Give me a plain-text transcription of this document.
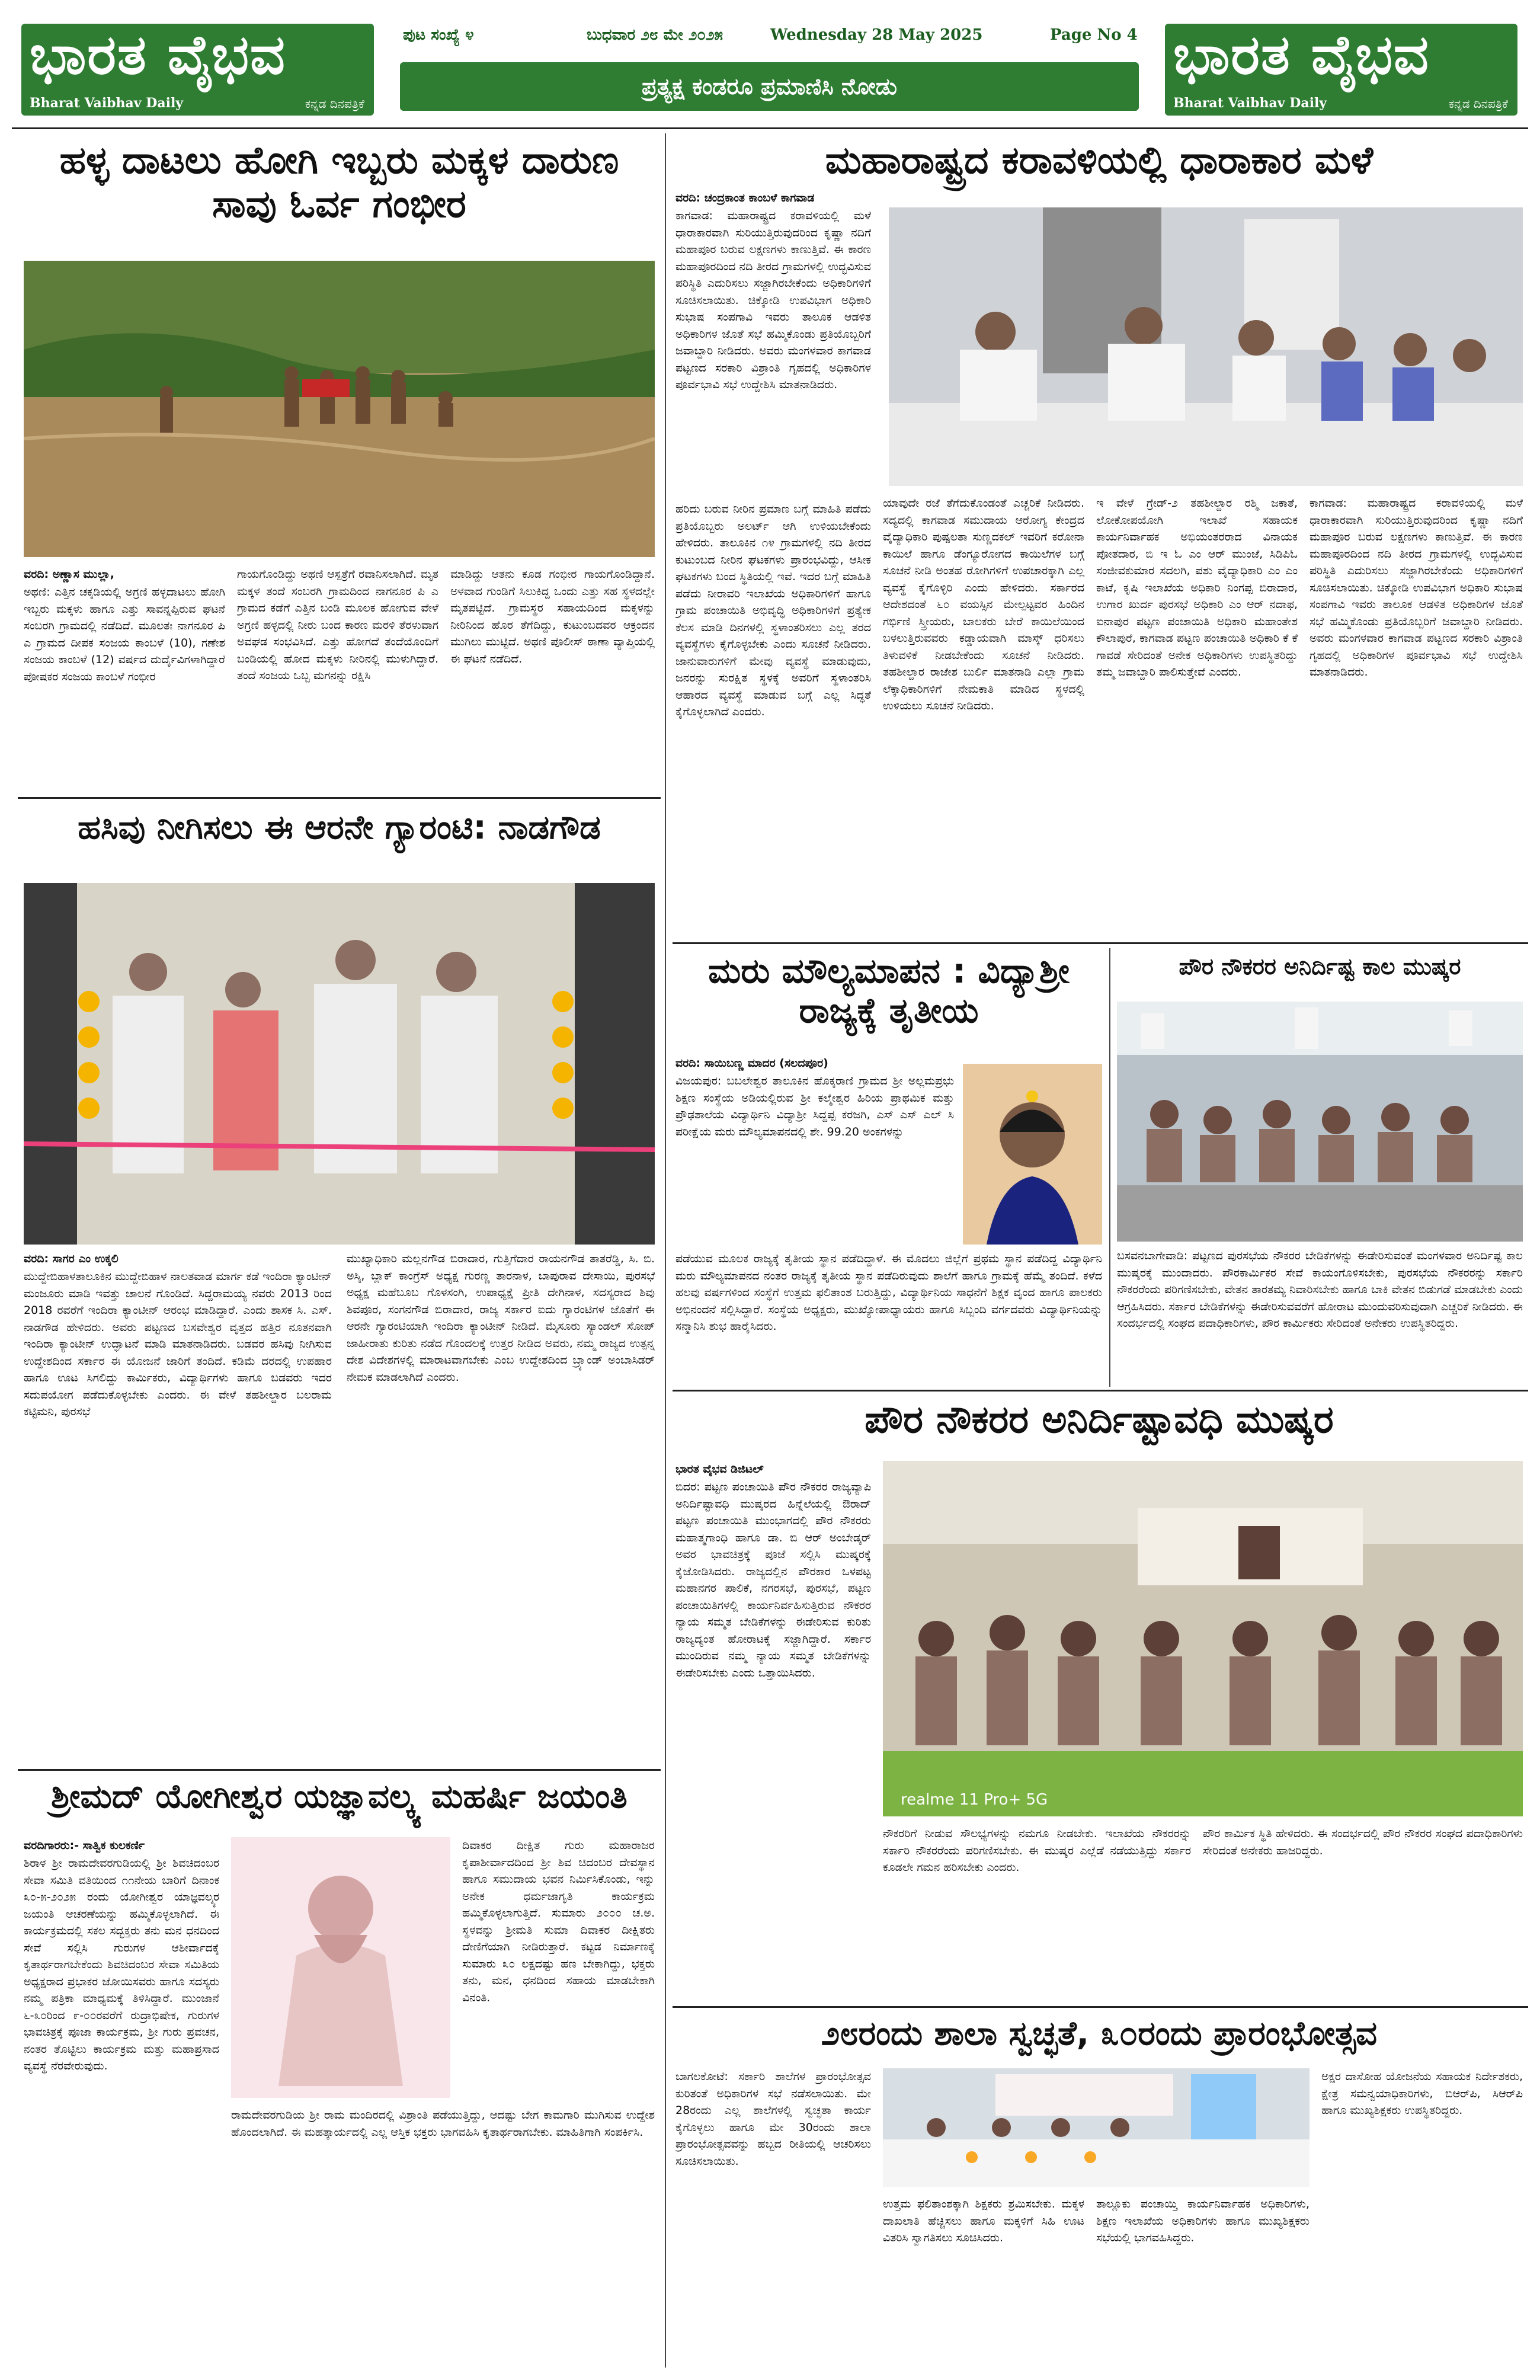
ಭಾರತ ವೈಭವ
Bharat Vaibhav Daily	ಕನ್ನಡ ದಿನಪತ್ರಿಕೆ
ಭಾರತ ವೈಭವ
Bharat Vaibhav Daily	ಕನ್ನಡ ದಿನಪತ್ರಿಕೆ
ಪುಟ ಸಂಖ್ಯೆ ೪	ಬುಧವಾರ ೨೮ ಮೇ ೨೦೨೫	Wednesday 28 May 2025	Page No 4
ಪ್ರತ್ಯಕ್ಷ ಕಂಡರೂ ಪ್ರಮಾಣಿಸಿ ನೋಡು
ಹಳ್ಳ ದಾಟಲು ಹೋಗಿ ಇಬ್ಬರು ಮಕ್ಕಳ ದಾರುಣ ಸಾವು ಓರ್ವ ಗಂಭೀರ
ವರದಿ: ಅಣ್ಣಾಸ ಮುಲ್ಲಾ,
ಅಥಣಿ: ಎತ್ತಿನ ಚಕ್ಕಡಿಯಲ್ಲಿ ಅಗ್ರಣಿ ಹಳ್ಳದಾಟಲು ಹೋಗಿ ಇಬ್ಬರು ಮಕ್ಕಳು ಹಾಗೂ ಎತ್ತು ಸಾವನ್ನಪ್ಪಿರುವ ಘಟನೆ ಸಂಬರಗಿ ಗ್ರಾಮದಲ್ಲಿ ನಡೆದಿದೆ. ಮೂಲತಃ ನಾಗನೂರ ಪಿ ಎ ಗ್ರಾಮದ ದೀಪಕ ಸಂಜಯ ಕಾಂಬಳೆ (10), ಗಣೇಶ ಸಂಜಯ ಕಾಂಬಳೆ (12) ವರ್ಷದ ದುರ್ದೈವಿಗಳಾಗಿದ್ದಾರೆ ಪೋಷಕರ ಸಂಜಯ ಕಾಂಬಳೆ ಗಂಭೀರ
ಗಾಯಗೊಂಡಿದ್ದು ಅಥಣಿ ಆಸ್ಪತ್ರೆಗೆ ರವಾನಿಸಲಾಗಿದೆ. ಮೃತ ಮಕ್ಕಳ ತಂದೆ ಸಂಬರಗಿ ಗ್ರಾಮದಿಂದ ನಾಗನೂರ ಪಿ ಎ ಗ್ರಾಮದ ಕಡೆಗೆ ಎತ್ತಿನ ಬಂಡಿ ಮೂಲಕ ಹೋಗುವ ವೇಳೆ ಅಗ್ರಣಿ ಹಳ್ಳದಲ್ಲಿ ನೀರು ಬಂದ ಕಾರಣ ಮರಳಿ ತೆರಳುವಾಗ ಅವಘಡ ಸಂಭವಿಸಿದೆ. ಎತ್ತು ಹೋಗದೆ ತಂದೆಯೊಂದಿಗೆ ಬಂಡಿಯಲ್ಲಿ ಹೋದ ಮಕ್ಕಳು ನೀರಿನಲ್ಲಿ ಮುಳುಗಿದ್ದಾರೆ. ತಂದೆ ಸಂಜಯ ಒಬ್ಬ ಮಗನನ್ನು ರಕ್ಷಿಸಿ
ಮಾಡಿದ್ದು ಆತನು ಕೂಡ ಗಂಭೀರ ಗಾಯಗೊಂಡಿದ್ದಾನೆ. ಅಳವಾದ ಗುಂಡಿಗೆ ಸಿಲುಕಿದ್ದ ಒಂದು ಎತ್ತು ಸಹ ಸ್ಥಳದಲ್ಲೇ ಮೃತಪಟ್ಟಿದೆ. ಗ್ರಾಮಸ್ಥರ ಸಹಾಯದಿಂದ ಮಕ್ಕಳನ್ನು ನೀರಿನಿಂದ ಹೊರ ತೆಗೆದಿದ್ದು, ಕುಟುಂಬದವರ ಆಕ್ರಂದನ ಮುಗಿಲು ಮುಟ್ಟಿದೆ. ಅಥಣಿ ಪೊಲೀಸ್ ಠಾಣಾ ವ್ಯಾಪ್ತಿಯಲ್ಲಿ ಈ ಘಟನೆ ನಡೆದಿದೆ.
ಹಸಿವು ನೀಗಿಸಲು ಈ ಆರನೇ ಗ್ಯಾರಂಟಿ: ನಾಡಗೌಡ
ವರದಿ: ಸಾಗರ ಎಂ ಉಕ್ಕಲಿ
ಮುದ್ದೇಬಿಹಾಳತಾಲೂಕಿನ ಮುದ್ದೇಬಿಹಾಳ ನಾಲತವಾಡ ಮಾರ್ಗ ಕಡೆ ಇಂದಿರಾ ಕ್ಯಾಂಟೀನ್ ಮಂಜೂರು ಮಾಡಿ ಇವತ್ತು ಚಾಲನೆ ಗೊಂಡಿದೆ. ಸಿದ್ದರಾಮಯ್ಯ ನವರು 2013 ರಿಂದ 2018 ರವರೆಗೆ ಇಂದಿರಾ ಕ್ಯಾಂಟೀನ್ ಆರಂಭ ಮಾಡಿದ್ದಾರೆ. ಎಂದು ಶಾಸಕ ಸಿ. ಎಸ್. ನಾಡಗೌಡ ಹೇಳಿದರು. ಅವರು ಪಟ್ಟಣದ ಬಸವೇಶ್ವರ ವೃತ್ತದ ಹತ್ತಿರ ನೂತನವಾಗಿ ಇಂದಿರಾ ಕ್ಯಾಂಟೀನ್ ಉದ್ಘಾಟನೆ ಮಾಡಿ ಮಾತನಾಡಿದರು. ಬಡವರ ಹಸಿವು ನೀಗಿಸುವ ಉದ್ದೇಶದಿಂದ ಸರ್ಕಾರ ಈ ಯೋಜನೆ ಜಾರಿಗೆ ತಂದಿದೆ. ಕಡಿಮೆ ದರದಲ್ಲಿ ಉಪಹಾರ ಹಾಗೂ ಊಟ ಸಿಗಲಿದ್ದು ಕಾರ್ಮಿಕರು, ವಿದ್ಯಾರ್ಥಿಗಳು ಹಾಗೂ ಬಡವರು ಇದರ ಸದುಪಯೋಗ ಪಡೆದುಕೊಳ್ಳಬೇಕು ಎಂದರು. ಈ ವೇಳೆ ತಹಶೀಲ್ದಾರ ಬಲರಾಮ ಕಟ್ಟಿಮನಿ, ಪುರಸಭೆ
ಮುಖ್ಯಾಧಿಕಾರಿ ಮಲ್ಲನಗೌಡ ಬಿರಾದಾರ, ಗುತ್ತಿಗೆದಾರ ರಾಯನಗೌಡ ತಾತರೆಡ್ಡಿ, ಸಿ. ಬಿ. ಅಸ್ಕಿ, ಬ್ಲಾಕ್ ಕಾಂಗ್ರೆಸ್ ಅಧ್ಯಕ್ಷ ಗುರಣ್ಣ ತಾರನಾಳ, ಬಾಪುರಾವ ದೇಸಾಯಿ, ಪುರಸಭೆ ಅಧ್ಯಕ್ಷ ಮಹೆಬೂಬ ಗೊಳಸಂಗಿ, ಉಪಾಧ್ಯಕ್ಷೆ ಪ್ರೀತಿ ದೇಗಿನಾಳ, ಸದಸ್ಯರಾದ ಶಿವು ಶಿವಪೂರ, ಸಂಗನಗೌಡ ಬಿರಾದಾರ, ರಾಜ್ಯ ಸರ್ಕಾರ ಐದು ಗ್ಯಾರಂಟಿಗಳ ಜೊತೆಗೆ ಈ ಆರನೇ ಗ್ಯಾರಂಟಿಯಾಗಿ ಇಂದಿರಾ ಕ್ಯಾಂಟೀನ್ ನೀಡಿದೆ. ಮೈಸೂರು ಸ್ಯಾಂಡಲ್ ಸೋಪ್ ಜಾಹೀರಾತು ಕುರಿತು ನಡೆದ ಗೊಂದಲಕ್ಕೆ ಉತ್ತರ ನೀಡಿದ ಅವರು, ನಮ್ಮ ರಾಜ್ಯದ ಉತ್ಪನ್ನ ದೇಶ ವಿದೇಶಗಳಲ್ಲಿ ಮಾರಾಟವಾಗಬೇಕು ಎಂಬ ಉದ್ದೇಶದಿಂದ ಬ್ರ್ಯಾಂಡ್ ಅಂಬಾಸಿಡರ್ ನೇಮಕ ಮಾಡಲಾಗಿದೆ ಎಂದರು.
ಶ್ರೀಮದ್ ಯೋಗೀಶ್ವರ ಯಜ್ಞಾವಲ್ಕ್ಯ ಮಹರ್ಷಿ ಜಯಂತಿ
ವರದಿಗಾರರು:- ಸಾತ್ವಿಕ ಕುಲಕರ್ಣಿ
ಶಿರಾಳ ಶ್ರೀ ರಾಮದೇವರಗುಡಿಯಲ್ಲಿ ಶ್ರೀ ಶಿವಚಿದಂಬರ ಸೇವಾ ಸಮಿತಿ ವತಿಯಿಂದ ೧೧ನೇಯ ಬಾರಿಗೆ ದಿನಾಂಕ ೩೦-೫-೨೦೨೫ ರಂದು ಯೋಗೀಶ್ವರ ಯಾಜ್ಞವಲ್ಕ್ಯರ ಜಯಂತಿ ಆಚರಣೆಯನ್ನು ಹಮ್ಮಿಕೊಳ್ಳಲಾಗಿದೆ. ಈ ಕಾರ್ಯಕ್ರಮದಲ್ಲಿ ಸಕಲ ಸದ್ಭಕ್ತರು ತನು ಮನ ಧನದಿಂದ ಸೇವೆ ಸಲ್ಲಿಸಿ ಗುರುಗಳ ಆಶೀರ್ವಾದಕ್ಕೆ ಕೃತಾರ್ಥರಾಗಬೇಕೆಂದು ಶಿವಚಿದಂಬರ ಸೇವಾ ಸಮಿತಿಯ ಅಧ್ಯಕ್ಷರಾದ ಪ್ರಭಾಕರ ಜೋಯಿಸವರು ಹಾಗೂ ಸದಸ್ಯರು ನಮ್ಮ ಪತ್ರಿಕಾ ಮಾಧ್ಯಮಕ್ಕೆ ತಿಳಿಸಿದ್ದಾರೆ. ಮುಂಜಾನೆ ೬-೩೦ರಿಂದ ೯-೦೦ರವರೆಗೆ ರುದ್ರಾಭಿಷೇಕ, ಗುರುಗಳ ಭಾವಚಿತ್ರಕ್ಕೆ ಪೂಜಾ ಕಾರ್ಯಕ್ರಮ, ಶ್ರೀ ಗುರು ಪ್ರವಚನ, ನಂತರ ತೊಟ್ಟಿಲು ಕಾರ್ಯಕ್ರಮ ಮತ್ತು ಮಹಾಪ್ರಸಾದ ವ್ಯವಸ್ಥೆ ನೆರವೇರುವುದು.
ದಿವಾಕರ ದೀಕ್ಷಿತ ಗುರು ಮಹಾರಾಜರ ಕೃಪಾಶೀರ್ವಾದದಿಂದ ಶ್ರೀ ಶಿವ ಚಿದಂಬರ ದೇವಸ್ಥಾನ ಹಾಗೂ ಸಮುದಾಯ ಭವನ ನಿರ್ಮಿಸಿಕೊಂಡು, ಇನ್ನು ಅನೇಕ ಧರ್ಮಜಾಗೃತಿ ಕಾರ್ಯಕ್ರಮ ಹಮ್ಮಿಕೊಳ್ಳಲಾಗುತ್ತಿದೆ. ಸುಮಾರು ೨೦೦೦ ಚ.ಅ. ಸ್ಥಳವನ್ನು ಶ್ರೀಮತಿ ಸುಮಾ ದಿವಾಕರ ದೀಕ್ಷಿತರು ದೇಣಿಗೆಯಾಗಿ ನೀಡಿರುತ್ತಾರೆ. ಕಟ್ಟಡ ನಿರ್ಮಾಣಕ್ಕೆ ಸುಮಾರು ೩೦ ಲಕ್ಷದಷ್ಟು ಹಣ ಬೇಕಾಗಿದ್ದು, ಭಕ್ತರು ತನು, ಮನ, ಧನದಿಂದ ಸಹಾಯ ಮಾಡಬೇಕಾಗಿ ವಿನಂತಿ.
ರಾಮದೇವರಗುಡಿಯ ಶ್ರೀ ರಾಮ ಮಂದಿರದಲ್ಲಿ ವಿಶ್ರಾಂತಿ ಪಡೆಯುತ್ತಿದ್ದು, ಆದಷ್ಟು ಬೇಗ ಕಾಮಗಾರಿ ಮುಗಿಸುವ ಉದ್ದೇಶ ಹೊಂದಲಾಗಿದೆ. ಈ ಮಹತ್ಕಾರ್ಯದಲ್ಲಿ ಎಲ್ಲ ಆಸ್ತಿಕ ಭಕ್ತರು ಭಾಗವಹಿಸಿ ಕೃತಾರ್ಥರಾಗಬೇಕು. ಮಾಹಿತಿಗಾಗಿ ಸಂಪರ್ಕಿಸಿ.
ಮಹಾರಾಷ್ಟ್ರದ ಕರಾವಳಿಯಲ್ಲಿ ಧಾರಾಕಾರ ಮಳೆ
ವರದಿ: ಚಂದ್ರಕಾಂತ ಕಾಂಬಳೆ ಕಾಗವಾಡ
ಕಾಗವಾಡ: ಮಹಾರಾಷ್ಟ್ರದ ಕರಾವಳಿಯಲ್ಲಿ ಮಳೆ ಧಾರಾಕಾರವಾಗಿ ಸುರಿಯುತ್ತಿರುವುದರಿಂದ ಕೃಷ್ಣಾ ನದಿಗೆ ಮಹಾಪೂರ ಬರುವ ಲಕ್ಷಣಗಳು ಕಾಣುತ್ತಿವೆ. ಈ ಕಾರಣ ಮಹಾಪೂರದಿಂದ ನದಿ ತೀರದ ಗ್ರಾಮಗಳಲ್ಲಿ ಉದ್ಭವಿಸುವ ಪರಿಸ್ಥಿತಿ ಎದುರಿಸಲು ಸಜ್ಜಾಗಿರಬೇಕೆಂದು ಅಧಿಕಾರಿಗಳಿಗೆ ಸೂಚಿಸಲಾಯಿತು. ಚಿಕ್ಕೋಡಿ ಉಪವಿಭಾಗ ಅಧಿಕಾರಿ ಸುಭಾಷ ಸಂಪಗಾವಿ ಇವರು ತಾಲೂಕ ಆಡಳಿತ ಅಧಿಕಾರಿಗಳ ಜೊತೆ ಸಭೆ ಹಮ್ಮಿಕೊಂಡು ಪ್ರತಿಯೊಬ್ಬರಿಗೆ ಜವಾಬ್ದಾರಿ ನೀಡಿದರು. ಅವರು ಮಂಗಳವಾರ ಕಾಗವಾಡ ಪಟ್ಟಣದ ಸರಕಾರಿ ವಿಶ್ರಾಂತಿ ಗೃಹದಲ್ಲಿ ಅಧಿಕಾರಿಗಳ ಪೂರ್ವಭಾವಿ ಸಭೆ ಉದ್ದೇಶಿಸಿ ಮಾತನಾಡಿದರು.
ಹರಿದು ಬರುವ ನೀರಿನ ಪ್ರಮಾಣ ಬಗ್ಗೆ ಮಾಹಿತಿ ಪಡೆದು ಪ್ರತಿಯೊಬ್ಬರು ಅಲರ್ಟ್ ಆಗಿ ಉಳಿಯಬೇಕೆಂದು ಹೇಳಿದರು. ತಾಲೂಕಿನ ೧೪ ಗ್ರಾಮಗಳಲ್ಲಿ ನದಿ ತೀರದ ಕುಟುಂಬದ ನೀರಿನ ಘಟಕಗಳು ಪ್ರಾರಂಭವಿದ್ದು, ಆಸೀಕ ಘಟಕಗಳು ಬಂದ ಸ್ಥಿತಿಯಲ್ಲಿ ಇವೆ. ಇದರ ಬಗ್ಗೆ ಮಾಹಿತಿ ಪಡೆದು ನೀರಾವರಿ ಇಲಾಖೆಯ ಅಧಿಕಾರಿಗಳಿಗೆ ಹಾಗೂ ಗ್ರಾಮ ಪಂಚಾಯಿತಿ ಅಭಿವೃದ್ಧಿ ಅಧಿಕಾರಿಗಳಿಗೆ ಪ್ರತ್ಯೇಕ ಕೆಲಸ ಮಾಡಿ ದಿನಗಳಲ್ಲಿ ಸ್ಥಳಾಂತರಿಸಲು ಎಲ್ಲ ತರದ ವ್ಯವಸ್ಥೆಗಳು ಕೈಗೊಳ್ಳಬೇಕು ಎಂದು ಸೂಚನೆ ನೀಡಿದರು. ಜಾನುವಾರುಗಳಿಗೆ ಮೇವು ವ್ಯವಸ್ಥೆ ಮಾಡುವುದು, ಜನರನ್ನು ಸುರಕ್ಷಿತ ಸ್ಥಳಕ್ಕೆ ಅವರಿಗೆ ಸ್ಥಳಾಂತರಿಸಿ ಆಹಾರದ ವ್ಯವಸ್ಥೆ ಮಾಡುವ ಬಗ್ಗೆ ಎಲ್ಲ ಸಿದ್ಧತೆ ಕೈಗೊಳ್ಳಲಾಗಿದೆ ಎಂದರು.
ಯಾವುದೇ ರಜೆ ತೆಗೆದುಕೊಂಡಂತೆ ಎಚ್ಚರಿಕೆ ನೀಡಿದರು. ಸದ್ಯದಲ್ಲಿ ಕಾಗವಾಡ ಸಮುದಾಯ ಆರೋಗ್ಯ ಕೇಂದ್ರದ ವೈದ್ಯಾಧಿಕಾರಿ ಪುಷ್ಪಲತಾ ಸುಣ್ಣದಕಲ್ ಇವರಿಗೆ ಕರೋನಾ ಕಾಯಿಲೆ ಹಾಗೂ ಡೆಂಗ್ಯೂರೋಗದ ಕಾಯಿಲೆಗಳ ಬಗ್ಗೆ ಸೂಚನೆ ನೀಡಿ ಅಂತಹ ರೋಗಿಗಳಿಗೆ ಉಪಚಾರಕ್ಕಾಗಿ ಎಲ್ಲ ವ್ಯವಸ್ಥೆ ಕೈಗೊಳ್ಳಿರಿ ಎಂದು ಹೇಳಿದರು. ಸರ್ಕಾರದ ಆದೇಶದಂತೆ ೬೦ ವಯಸ್ಸಿನ ಮೇಲ್ಪಟ್ಟವರ ಹಿಂದಿನ ಗರ್ಭಿಣಿ ಸ್ತ್ರೀಯರು, ಬಾಲಕರು ಬೇರೆ ಕಾಯಿಲೆಯಿಂದ ಬಳಲುತ್ತಿರುವವರು ಕಡ್ಡಾಯವಾಗಿ ಮಾಸ್ಕ್ ಧರಿಸಲು ತಿಳುವಳಿಕೆ ನೀಡಬೇಕೆಂದು ಸೂಚನೆ ನೀಡಿದರು. ತಹಶೀಲ್ದಾರ ರಾಜೇಶ ಬುರ್ಲಿ ಮಾತನಾಡಿ ಎಲ್ಲಾ ಗ್ರಾಮ ಲೆಕ್ಕಾಧಿಕಾರಿಗಳಿಗೆ ನೇಮಕಾತಿ ಮಾಡಿದ ಸ್ಥಳದಲ್ಲಿ ಉಳಿಯಲು ಸೂಚನೆ ನೀಡಿದರು.
ಇ ವೇಳೆ ಗ್ರೇಡ್-೨ ತಹಶೀಲ್ದಾರ ರಶ್ಮಿ ಜಕಾತೆ, ಲೋಕೋಪಯೋಗಿ ಇಲಾಖೆ ಸಹಾಯಕ ಕಾರ್ಯನಿರ್ವಾಹಕ ಅಭಿಯಂತರರಾದ ವಿನಾಯಕ ಪೋತದಾರ, ಬಿ ಇ ಓ ಎಂ ಆರ್ ಮುಂಜೆ, ಸಿಡಿಪಿಓ ಸಂಜೀವಕುಮಾರ ಸದಲಗಿ, ಪಶು ವೈದ್ಯಾಧಿಕಾರಿ ಎಂ ಎಂ ಕಾಟೆ, ಕೃಷಿ ಇಲಾಖೆಯ ಅಧಿಕಾರಿ ನಿಂಗಪ್ಪ ಬಿರಾದಾರ, ಉಗಾರ ಖುರ್ದ ಪುರಸಭೆ ಅಧಿಕಾರಿ ಎಂ ಆರ್ ನದಾಫ, ಐನಾಪುರ ಪಟ್ಟಣ ಪಂಚಾಯಿತಿ ಅಧಿಕಾರಿ ಮಹಾಂತೇಶ ಕೌಲಾಪುರೆ, ಕಾಗವಾಡ ಪಟ್ಟಣ ಪಂಚಾಯಿತಿ ಅಧಿಕಾರಿ ಕೆ ಕೆ ಗಾವಡೆ ಸೇರಿದಂತೆ ಅನೇಕ ಅಧಿಕಾರಿಗಳು ಉಪಸ್ಥಿತರಿದ್ದು ತಮ್ಮ ಜವಾಬ್ದಾರಿ ಪಾಲಿಸುತ್ತೇವೆ ಎಂದರು.
ಕಾಗವಾಡ: ಮಹಾರಾಷ್ಟ್ರದ ಕರಾವಳಿಯಲ್ಲಿ ಮಳೆ ಧಾರಾಕಾರವಾಗಿ ಸುರಿಯುತ್ತಿರುವುದರಿಂದ ಕೃಷ್ಣಾ ನದಿಗೆ ಮಹಾಪೂರ ಬರುವ ಲಕ್ಷಣಗಳು ಕಾಣುತ್ತಿವೆ. ಈ ಕಾರಣ ಮಹಾಪೂರದಿಂದ ನದಿ ತೀರದ ಗ್ರಾಮಗಳಲ್ಲಿ ಉದ್ಭವಿಸುವ ಪರಿಸ್ಥಿತಿ ಎದುರಿಸಲು ಸಜ್ಜಾಗಿರಬೇಕೆಂದು ಅಧಿಕಾರಿಗಳಿಗೆ ಸೂಚಿಸಲಾಯಿತು. ಚಿಕ್ಕೋಡಿ ಉಪವಿಭಾಗ ಅಧಿಕಾರಿ ಸುಭಾಷ ಸಂಪಗಾವಿ ಇವರು ತಾಲೂಕ ಆಡಳಿತ ಅಧಿಕಾರಿಗಳ ಜೊತೆ ಸಭೆ ಹಮ್ಮಿಕೊಂಡು ಪ್ರತಿಯೊಬ್ಬರಿಗೆ ಜವಾಬ್ದಾರಿ ನೀಡಿದರು. ಅವರು ಮಂಗಳವಾರ ಕಾಗವಾಡ ಪಟ್ಟಣದ ಸರಕಾರಿ ವಿಶ್ರಾಂತಿ ಗೃಹದಲ್ಲಿ ಅಧಿಕಾರಿಗಳ ಪೂರ್ವಭಾವಿ ಸಭೆ ಉದ್ದೇಶಿಸಿ ಮಾತನಾಡಿದರು.
ಮರು ಮೌಲ್ಯಮಾಪನ : ವಿದ್ಯಾಶ್ರೀ ರಾಜ್ಯಕ್ಕೆ ತೃತೀಯ
ವರದಿ: ಸಾಯಿಬಣ್ಣ ಮಾದರ (ಸಲದಪೂರ)
ವಿಜಯಪುರ: ಬಬಲೇಶ್ವರ ತಾಲೂಕಿನ ಹೊಕ್ಕರಾಣಿ ಗ್ರಾಮದ ಶ್ರೀ ಅಲ್ಲಮಪ್ರಭು ಶಿಕ್ಷಣ ಸಂಸ್ಥೆಯ ಅಡಿಯಲ್ಲಿರುವ ಶ್ರೀ ಕಲ್ಮೇಶ್ವರ ಹಿರಿಯ ಪ್ರಾಥಮಿಕ ಮತ್ತು ಪ್ರೌಢಶಾಲೆಯ ವಿದ್ಯಾರ್ಥಿನಿ ವಿದ್ಯಾಶ್ರೀ ಸಿದ್ದಪ್ಪ ಕರಜಗಿ, ಎಸ್ ಎಸ್ ಎಲ್ ಸಿ ಪರೀಕ್ಷೆಯ ಮರು ಮೌಲ್ಯಮಾಪನದಲ್ಲಿ ಶೇ. 99.20 ಅಂಕಗಳನ್ನು
ಪಡೆಯುವ ಮೂಲಕ ರಾಜ್ಯಕ್ಕೆ ತೃತೀಯ ಸ್ಥಾನ ಪಡೆದಿದ್ದಾಳೆ. ಈ ಮೊದಲು ಜಿಲ್ಲೆಗೆ ಪ್ರಥಮ ಸ್ಥಾನ ಪಡೆದಿದ್ದ ವಿದ್ಯಾರ್ಥಿನಿ ಮರು ಮೌಲ್ಯಮಾಪನದ ನಂತರ ರಾಜ್ಯಕ್ಕೆ ತೃತೀಯ ಸ್ಥಾನ ಪಡೆದಿರುವುದು ಶಾಲೆಗೆ ಹಾಗೂ ಗ್ರಾಮಕ್ಕೆ ಹೆಮ್ಮೆ ತಂದಿದೆ. ಕಳೆದ ಹಲವು ವರ್ಷಗಳಿಂದ ಸಂಸ್ಥೆಗೆ ಉತ್ತಮ ಫಲಿತಾಂಶ ಬರುತ್ತಿದ್ದು, ವಿದ್ಯಾರ್ಥಿನಿಯ ಸಾಧನೆಗೆ ಶಿಕ್ಷಕ ವೃಂದ ಹಾಗೂ ಪಾಲಕರು ಅಭಿನಂದನೆ ಸಲ್ಲಿಸಿದ್ದಾರೆ. ಸಂಸ್ಥೆಯ ಅಧ್ಯಕ್ಷರು, ಮುಖ್ಯೋಪಾಧ್ಯಾಯರು ಹಾಗೂ ಸಿಬ್ಬಂದಿ ವರ್ಗದವರು ವಿದ್ಯಾರ್ಥಿನಿಯನ್ನು ಸನ್ಮಾನಿಸಿ ಶುಭ ಹಾರೈಸಿದರು.
ಪೌರ ನೌಕರರ ಅನಿರ್ದಿಷ್ಟ ಕಾಲ ಮುಷ್ಕರ
ಬಸವನಬಾಗೇವಾಡಿ: ಪಟ್ಟಣದ ಪುರಸಭೆಯ ನೌಕರರ ಬೇಡಿಕೆಗಳನ್ನು ಈಡೇರಿಸುವಂತೆ ಮಂಗಳವಾರ ಅನಿರ್ದಿಷ್ಟ ಕಾಲ ಮುಷ್ಕರಕ್ಕೆ ಮುಂದಾದರು. ಪೌರಕಾರ್ಮಿಕರ ಸೇವೆ ಕಾಯಂಗೊಳಿಸಬೇಕು, ಪುರಸಭೆಯ ನೌಕರರನ್ನು ಸರ್ಕಾರಿ ನೌಕರರೆಂದು ಪರಿಗಣಿಸಬೇಕು, ವೇತನ ತಾರತಮ್ಯ ನಿವಾರಿಸಬೇಕು ಹಾಗೂ ಬಾಕಿ ವೇತನ ಬಿಡುಗಡೆ ಮಾಡಬೇಕು ಎಂದು ಆಗ್ರಹಿಸಿದರು. ಸರ್ಕಾರ ಬೇಡಿಕೆಗಳನ್ನು ಈಡೇರಿಸುವವರೆಗೆ ಹೋರಾಟ ಮುಂದುವರಿಸುವುದಾಗಿ ಎಚ್ಚರಿಕೆ ನೀಡಿದರು. ಈ ಸಂದರ್ಭದಲ್ಲಿ ಸಂಘದ ಪದಾಧಿಕಾರಿಗಳು, ಪೌರ ಕಾರ್ಮಿಕರು ಸೇರಿದಂತೆ ಅನೇಕರು ಉಪಸ್ಥಿತರಿದ್ದರು.
ಪೌರ ನೌಕರರ ಅನಿರ್ದಿಷ್ಟಾವಧಿ ಮುಷ್ಕರ
ಭಾರತ ವೈಭವ ಡಿಜಿಟಲ್
ಬಿದರ: ಪಟ್ಟಣ ಪಂಚಾಯಿತಿ ಪೌರ ನೌಕರರ ರಾಜ್ಯವ್ಯಾಪಿ ಅನಿರ್ದಿಷ್ಟಾವಧಿ ಮುಷ್ಕರದ ಹಿನ್ನೆಲೆಯಲ್ಲಿ ಔರಾದ್ ಪಟ್ಟಣ ಪಂಚಾಯಿತಿ ಮುಂಭಾಗದಲ್ಲಿ ಪೌರ ನೌಕರರು ಮಹಾತ್ಮಗಾಂಧಿ ಹಾಗೂ ಡಾ. ಬಿ ಆರ್ ಅಂಬೇಡ್ಕರ್ ಅವರ ಭಾವಚಿತ್ರಕ್ಕೆ ಪೂಜೆ ಸಲ್ಲಿಸಿ ಮುಷ್ಕರಕ್ಕೆ ಕೈಜೋಡಿಸಿದರು. ರಾಜ್ಯದಲ್ಲಿನ ಪೌರಕಾರ ಒಳಪಟ್ಟ ಮಹಾನಗರ ಪಾಲಿಕೆ, ನಗರಸಭೆ, ಪುರಸಭೆ, ಪಟ್ಟಣ ಪಂಚಾಯಿತಿಗಳಲ್ಲಿ ಕಾರ್ಯನಿರ್ವಹಿಸುತ್ತಿರುವ ನೌಕರರ ನ್ಯಾಯ ಸಮ್ಮತ ಬೇಡಿಕೆಗಳನ್ನು ಈಡೇರಿಸುವ ಕುರಿತು ರಾಜ್ಯದ್ಯಂತ ಹೋರಾಟಕ್ಕೆ ಸಜ್ಜಾಗಿದ್ದಾರೆ. ಸರ್ಕಾರ ಮುಂದಿರುವ ನಮ್ಮ ನ್ಯಾಯ ಸಮ್ಮತ ಬೇಡಿಕೆಗಳನ್ನು ಈಡೇರಿಸಬೇಕು ಎಂದು ಒತ್ತಾಯಿಸಿದರು.
realme 11 Pro+ 5G
ನೌಕರರಿಗೆ ನೀಡುವ ಸೌಲಭ್ಯಗಳನ್ನು ನಮಗೂ ನೀಡಬೇಕು. ಇಲಾಖೆಯ ನೌಕರರನ್ನು ಸರ್ಕಾರಿ ನೌಕರರೆಂದು ಪರಿಗಣಿಸಬೇಕು. ಈ ಮುಷ್ಕರ ಎಲ್ಲೆಡೆ ನಡೆಯುತ್ತಿದ್ದು ಸರ್ಕಾರ ಕೂಡಲೇ ಗಮನ ಹರಿಸಬೇಕು ಎಂದರು.
ಪೌರ ಕಾರ್ಮಿಕ ಸ್ಥಿತಿ ಹೇಳಿದರು. ಈ ಸಂದರ್ಭದಲ್ಲಿ ಪೌರ ನೌಕರರ ಸಂಘದ ಪದಾಧಿಕಾರಿಗಳು ಸೇರಿದಂತೆ ಅನೇಕರು ಹಾಜರಿದ್ದರು.
೨೮ರಂದು ಶಾಲಾ ಸ್ವಚ್ಛತೆ, ೩೦ರಂದು ಪ್ರಾರಂಭೋತ್ಸವ
ಬಾಗಲಕೋಟೆ: ಸರ್ಕಾರಿ ಶಾಲೆಗಳ ಪ್ರಾರಂಭೋತ್ಸವ ಕುರಿತಂತೆ ಅಧಿಕಾರಿಗಳ ಸಭೆ ನಡೆಸಲಾಯಿತು. ಮೇ 28ರಂದು ಎಲ್ಲ ಶಾಲೆಗಳಲ್ಲಿ ಸ್ವಚ್ಛತಾ ಕಾರ್ಯ ಕೈಗೊಳ್ಳಲು ಹಾಗೂ ಮೇ 30ರಂದು ಶಾಲಾ ಪ್ರಾರಂಭೋತ್ಸವವನ್ನು ಹಬ್ಬದ ರೀತಿಯಲ್ಲಿ ಆಚರಿಸಲು ಸೂಚಿಸಲಾಯಿತು.
ಉತ್ತಮ ಫಲಿತಾಂಶಕ್ಕಾಗಿ ಶಿಕ್ಷಕರು ಶ್ರಮಿಸಬೇಕು. ಮಕ್ಕಳ ದಾಖಲಾತಿ ಹೆಚ್ಚಿಸಲು ಹಾಗೂ ಮಕ್ಕಳಿಗೆ ಸಿಹಿ ಊಟ ವಿತರಿಸಿ ಸ್ವಾಗತಿಸಲು ಸೂಚಿಸಿದರು.
ತಾಲ್ಲೂಕು ಪಂಚಾಯ್ತಿ ಕಾರ್ಯನಿರ್ವಾಹಕ ಅಧಿಕಾರಿಗಳು, ಶಿಕ್ಷಣ ಇಲಾಖೆಯ ಅಧಿಕಾರಿಗಳು ಹಾಗೂ ಮುಖ್ಯಶಿಕ್ಷಕರು ಸಭೆಯಲ್ಲಿ ಭಾಗವಹಿಸಿದ್ದರು.
ಅಕ್ಷರ ದಾಸೋಹ ಯೋಜನೆಯ ಸಹಾಯಕ ನಿರ್ದೇಶಕರು, ಕ್ಷೇತ್ರ ಸಮನ್ವಯಾಧಿಕಾರಿಗಳು, ಬಿಆರ್‌ಪಿ, ಸಿಆರ್‌ಪಿ ಹಾಗೂ ಮುಖ್ಯಶಿಕ್ಷಕರು ಉಪಸ್ಥಿತರಿದ್ದರು.
